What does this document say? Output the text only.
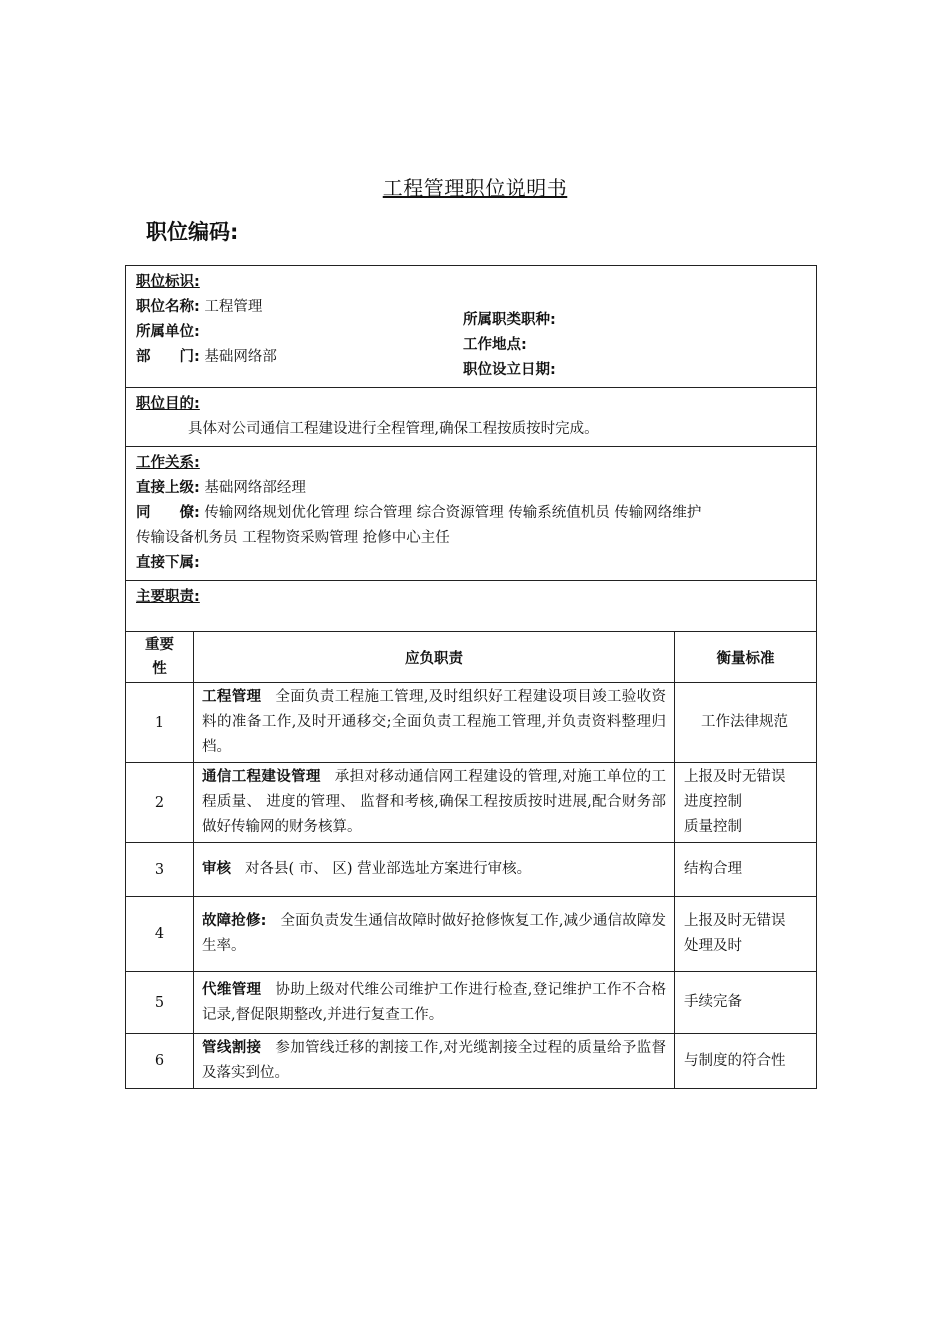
工程管理职位说明书
职位编码:
职位标识:
职位名称: 工程管理
所属单位:
部　　门: 基础网络部
所属职类职种:
工作地点:
职位设立日期:
职位目的:
具体对公司通信工程建设进行全程管理,确保工程按质按时完成。
工作关系:
直接上级: 基础网络部经理
同　　僚: 传输网络规划优化管理 综合管理 综合资源管理 传输系统值机员 传输网络维护
传输设备机务员 工程物资采购管理 抢修中心主任
直接下属:
主要职责:
重要
性	应负职责	衡量标准
1	工程管理 全面负责工程施工管理,及时组织好工程建设项目竣工验收资料的准备工作,及时开通移交;全面负责工程施工管理,并负责资料整理归档。	工作法律规范

2	通信工程建设管理 承担对移动通信网工程建设的管理,对施工单位的工程质量、 进度的管理、 监督和考核,确保工程按质按时进展,配合财务部做好传输网的财务核算。	上报及时无错误
进度控制
质量控制

3	审核 对各县( 市、 区) 营业部选址方案进行审核。	结构合理

4	故障抢修: 全面负责发生通信故障时做好抢修恢复工作,减少通信故障发生率。	上报及时无错误
处理及时

5	代维管理 协助上级对代维公司维护工作进行检查,登记维护工作不合格记录,督促限期整改,并进行复查工作。	手续完备

6	管线割接 参加管线迁移的割接工作,对光缆割接全过程的质量给予监督及落实到位。	与制度的符合性
